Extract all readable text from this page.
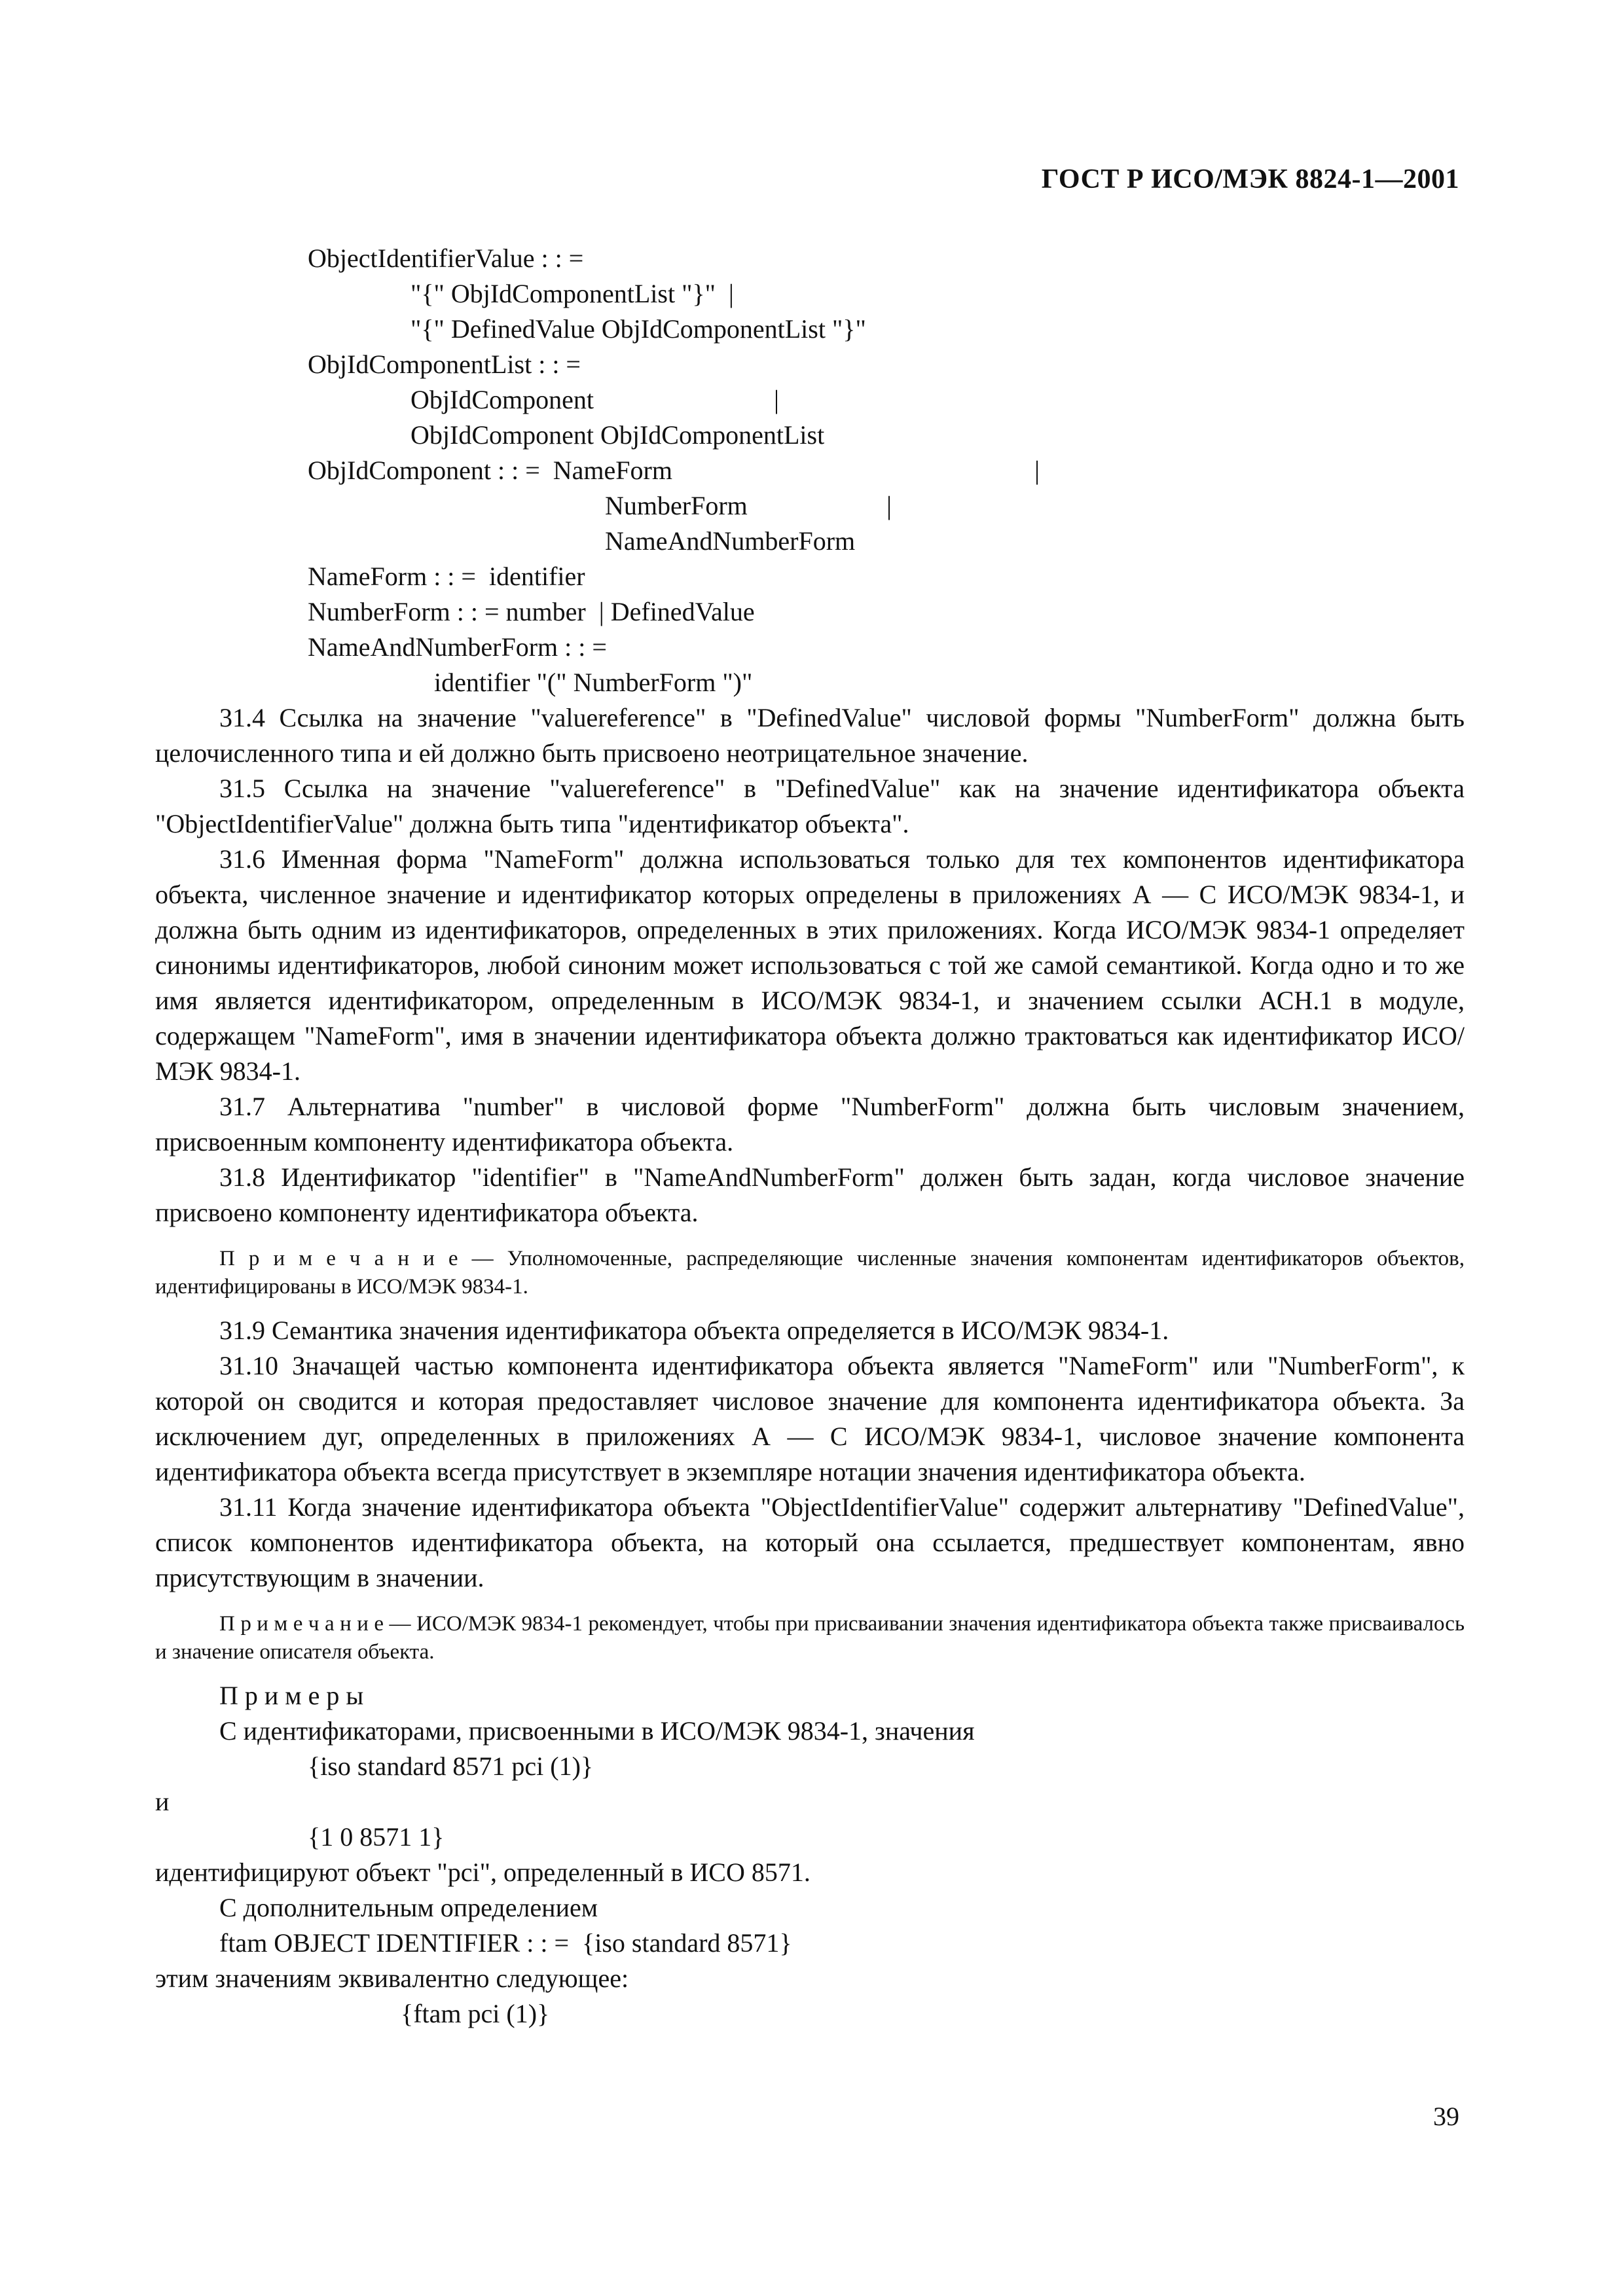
ГОСТ Р ИСО/МЭК 8824-1—2001
ObjectIdentifierValue : : =
"{" ObjIdComponentList "}" |
"{" DefinedValue ObjIdComponentList "}"
ObjIdComponentList : : =
ObjIdComponent	|
ObjIdComponent ObjIdComponentList
ObjIdComponent : : =  NameForm	|
NumberForm	|
NameAndNumberForm
NameForm : : =  identifier
NumberForm : : = number  | DefinedValue
NameAndNumberForm : : =
identifier "(" NumberForm ")"

31.4 Ссылка на значение "valuereference" в "DefinedValue" числовой формы "NumberForm" должна быть целочисленного типа и ей должно быть присвоено неотрицательное значение.

31.5 Ссылка на значение "valuereference" в "DefinedValue" как на значение идентификатора объекта "ObjectIdentifierValue" должна быть типа "идентификатор объекта".

31.6 Именная форма "NameForm" должна использоваться только для тех компонентов идентификатора объекта, численное значение и идентификатор которых определены в приложениях А — С ИСО/МЭК 9834-1, и должна быть одним из идентификаторов, определенных в этих приложениях. Когда ИСО/МЭК 9834-1 определяет синонимы идентификаторов, любой синоним может использоваться с той же самой семантикой. Когда одно и то же имя является идентификатором, определенным в ИСО/МЭК 9834-1, и значением ссылки АСН.1 в модуле, содержащем "NameForm", имя в значении идентификатора объекта должно трактоваться как идентификатор ИСО/МЭК 9834-1.

31.7 Альтернатива "number" в числовой форме "NumberForm" должна быть числовым значением, присвоенным компоненту идентификатора объекта.

31.8 Идентификатор "identifier" в "NameAndNumberForm" должен быть задан, когда числовое значение присвоено компоненту идентификатора объекта.

П р и м е ч а н и е — Уполномоченные, распределяющие численные значения компонентам идентификаторов объектов, идентифицированы в ИСО/МЭК 9834-1.

31.9 Семантика значения идентификатора объекта определяется в ИСО/МЭК 9834-1.

31.10 Значащей частью компонента идентификатора объекта является "NameForm" или "NumberForm", к которой он сводится и которая предоставляет числовое значение для компонента идентификатора объекта. За исключением дуг, определенных в приложениях А — С ИСО/МЭК 9834-1, числовое значение компонента идентификатора объекта всегда присутствует в экземпляре нотации значения идентификатора объекта.

31.11 Когда значение идентификатора объекта "ObjectIdentifierValue" содержит альтернативу "DefinedValue", список компонентов идентификатора объекта, на который она ссылается, предшествует компонентам, явно присутствующим в значении.

П р и м е ч а н и е — ИСО/МЭК 9834-1 рекомендует, чтобы при присваивании значения идентификатора объекта также присваивалось и значение описателя объекта.

П р и м е р ы
С идентификаторами, присвоенными в ИСО/МЭК 9834-1, значения
{iso standard 8571 pci (1)}
и
{1 0 8571 1}
идентифицируют объект "pci", определенный в ИСО 8571.
С дополнительным определением
ftam OBJECT IDENTIFIER : : =  {iso standard 8571}
этим значениям эквивалентно следующее:
{ftam pci (1)}
39
